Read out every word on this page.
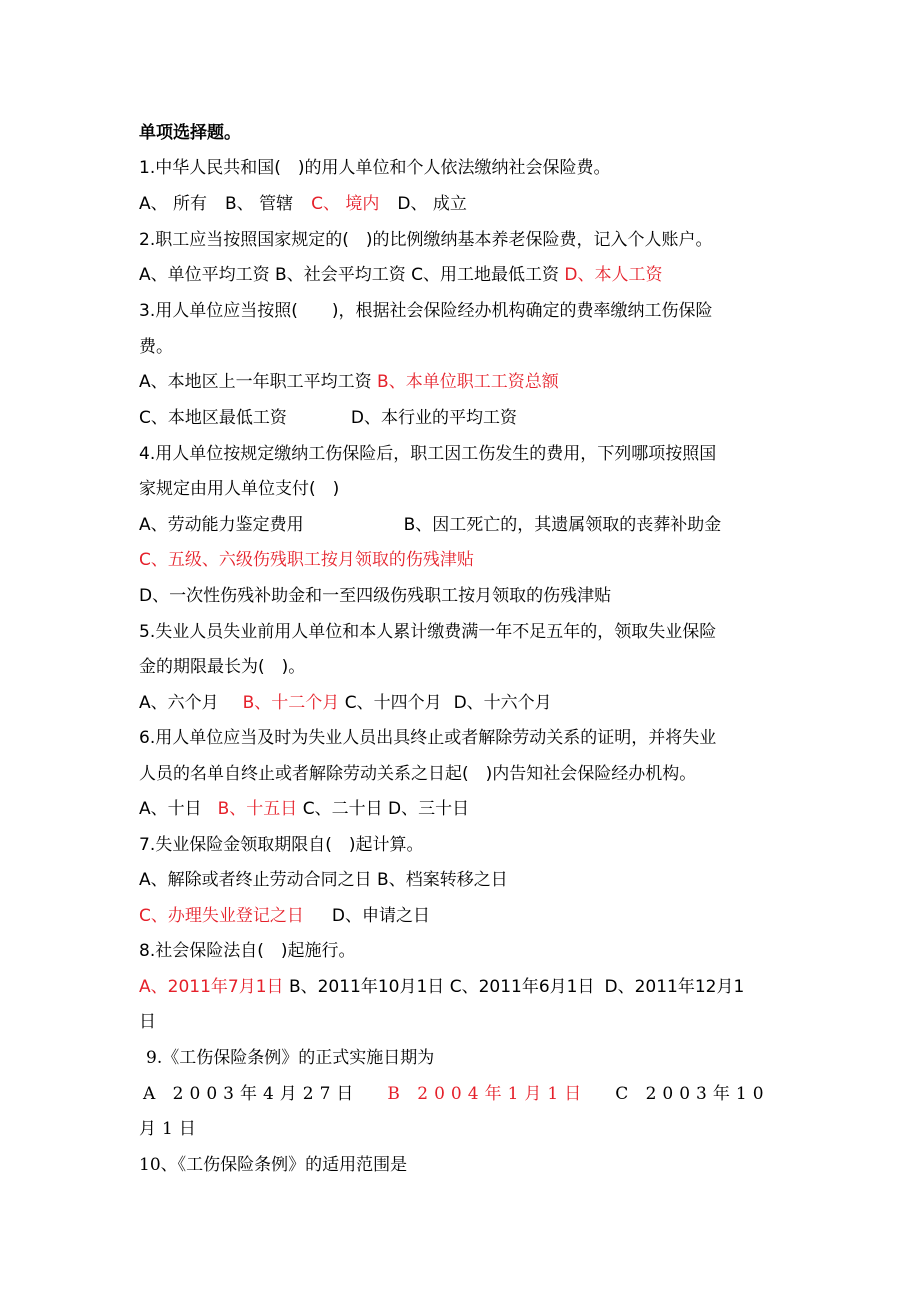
单项选择题。
1.中华人民共和国(　)的用人单位和个人依法缴纳社会保险费。
A、 所有 B、 管辖 C、 境内 D、 成立
2.职工应当按照国家规定的(　)的比例缴纳基本养老保险费，记入个人账户。
A、单位平均工资 B、社会平均工资 C、用工地最低工资 D、本人工资
3.用人单位应当按照(　　)，根据社会保险经办机构确定的费率缴纳工伤保险
费。
A、本地区上一年职工平均工资 B、本单位职工工资总额
C、本地区最低工资	D、本行业的平均工资
4.用人单位按规定缴纳工伤保险后，职工因工伤发生的费用，下列哪项按照国
家规定由用人单位支付(　)
A、劳动能力鉴定费用	B、因工死亡的，其遗属领取的丧葬补助金
C、五级、六级伤残职工按月领取的伤残津贴
D、一次性伤残补助金和一至四级伤残职工按月领取的伤残津贴
5.失业人员失业前用人单位和本人累计缴费满一年不足五年的，领取失业保险
金的期限最长为(　)。
A、六个月 B、十二个月 C、十四个月 D、十六个月
6.用人单位应当及时为失业人员出具终止或者解除劳动关系的证明，并将失业
人员的名单自终止或者解除劳动关系之日起(　)内告知社会保险经办机构。
A、十日 B、十五日 C、二十日 D、三十日
7.失业保险金领取期限自(　)起计算。
A、解除或者终止劳动合同之日 B、档案转移之日
C、办理失业登记之日 D、申请之日
8.社会保险法自(　)起施行。
A、2011年7月1日 B、2011年10月1日 C、2011年6月1日 D、2011年12月1
日
9.《工伤保险条例》的正式实施日期为
A 2003年4月27日 B 2004年1月1日 C 2003年10
月1日
10、《工伤保险条例》的适用范围是
